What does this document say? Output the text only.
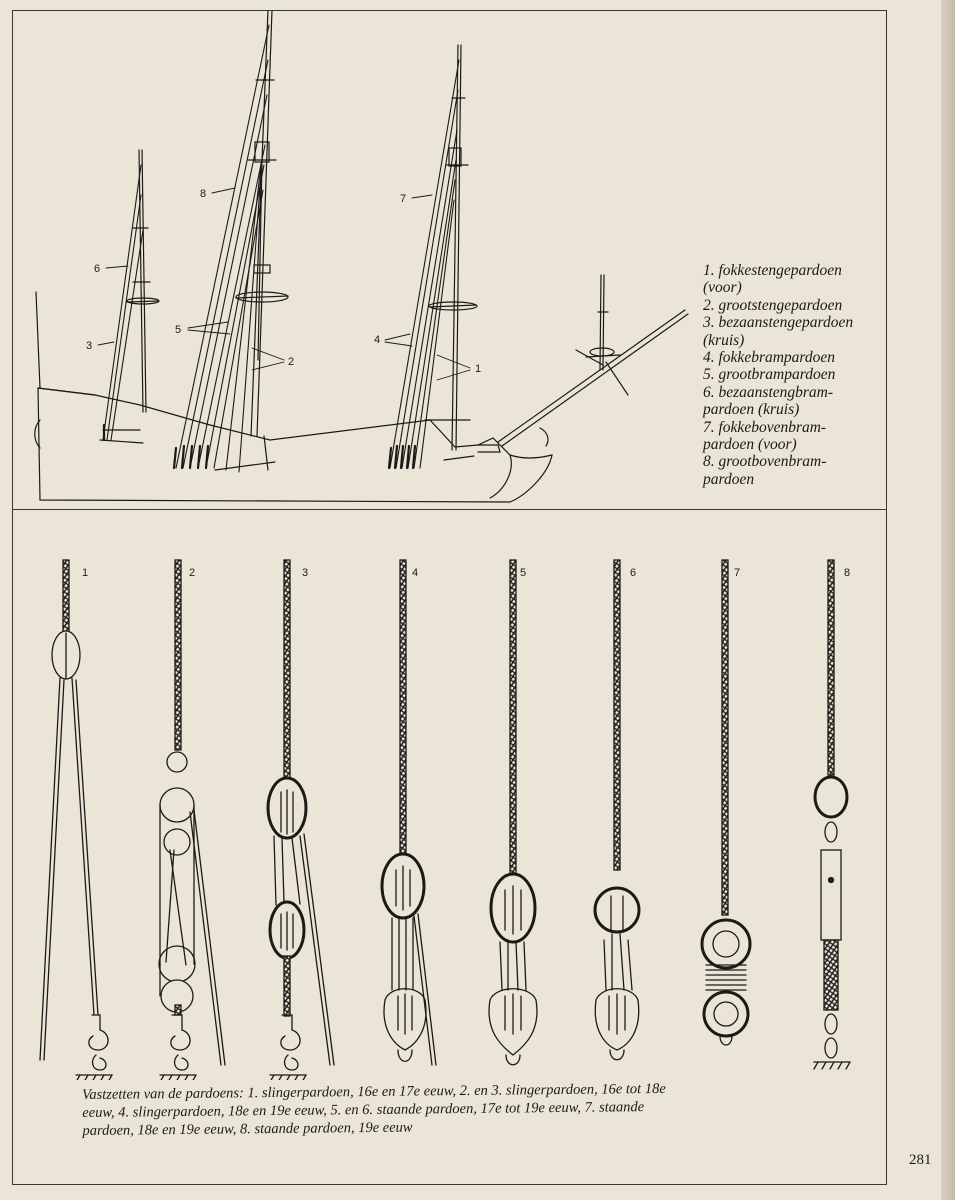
6
3
8
5
2
7
4
1
1. fokkestengepardoen
(voor)
2. grootstengepardoen
3. bezaanstengepardoen
(kruis)
4. fokkebrampardoen
5. grootbrampardoen
6. bezaanstengbram-
pardoen (kruis)
7. fokkebovenbram-
pardoen (voor)
8. grootbovenbram-
pardoen
1	2	3	4	5	6	7	8
Vastzetten van de pardoens: 1. slingerpardoen, 16e en 17e eeuw, 2. en 3. slingerpardoen, 16e tot 18e
eeuw, 4. slingerpardoen, 18e en 19e eeuw, 5. en 6. staande pardoen, 17e tot 19e eeuw, 7. staande
pardoen, 18e en 19e eeuw, 8. staande pardoen, 19e eeuw
281
